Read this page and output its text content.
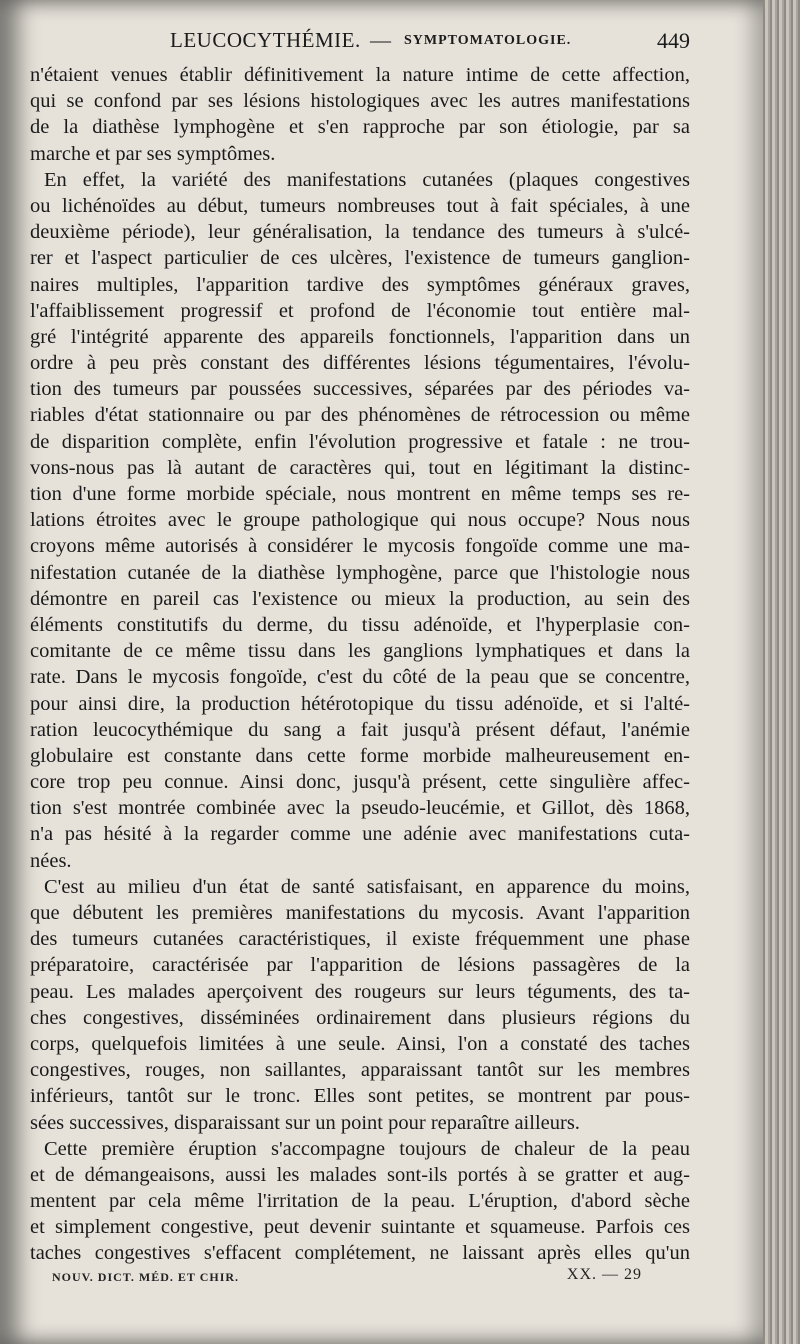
LEUCOCYTHÉMIE. — SYMPTOMATOLOGIE.	449
n'étaient venues établir définitivement la nature intime de cette affection,
qui se confond par ses lésions histologiques avec les autres manifestations
de la diathèse lymphogène et s'en rapproche par son étiologie, par sa
marche et par ses symptômes.
En effet, la variété des manifestations cutanées (plaques congestives
ou lichénoïdes au début, tumeurs nombreuses tout à fait spéciales, à une
deuxième période), leur généralisation, la tendance des tumeurs à s'ulcé-
rer et l'aspect particulier de ces ulcères, l'existence de tumeurs ganglion-
naires multiples, l'apparition tardive des symptômes généraux graves,
l'affaiblissement progressif et profond de l'économie tout entière mal-
gré l'intégrité apparente des appareils fonctionnels, l'apparition dans un
ordre à peu près constant des différentes lésions tégumentaires, l'évolu-
tion des tumeurs par poussées successives, séparées par des périodes va-
riables d'état stationnaire ou par des phénomènes de rétrocession ou même
de disparition complète, enfin l'évolution progressive et fatale : ne trou-
vons-nous pas là autant de caractères qui, tout en légitimant la distinc-
tion d'une forme morbide spéciale, nous montrent en même temps ses re-
lations étroites avec le groupe pathologique qui nous occupe? Nous nous
croyons même autorisés à considérer le mycosis fongoïde comme une ma-
nifestation cutanée de la diathèse lymphogène, parce que l'histologie nous
démontre en pareil cas l'existence ou mieux la production, au sein des
éléments constitutifs du derme, du tissu adénoïde, et l'hyperplasie con-
comitante de ce même tissu dans les ganglions lymphatiques et dans la
rate. Dans le mycosis fongoïde, c'est du côté de la peau que se concentre,
pour ainsi dire, la production hétérotopique du tissu adénoïde, et si l'alté-
ration leucocythémique du sang a fait jusqu'à présent défaut, l'anémie
globulaire est constante dans cette forme morbide malheureusement en-
core trop peu connue. Ainsi donc, jusqu'à présent, cette singulière affec-
tion s'est montrée combinée avec la pseudo-leucémie, et Gillot, dès 1868,
n'a pas hésité à la regarder comme une adénie avec manifestations cuta-
nées.
C'est au milieu d'un état de santé satisfaisant, en apparence du moins,
que débutent les premières manifestations du mycosis. Avant l'apparition
des tumeurs cutanées caractéristiques, il existe fréquemment une phase
préparatoire, caractérisée par l'apparition de lésions passagères de la
peau. Les malades aperçoivent des rougeurs sur leurs téguments, des ta-
ches congestives, disséminées ordinairement dans plusieurs régions du
corps, quelquefois limitées à une seule. Ainsi, l'on a constaté des taches
congestives, rouges, non saillantes, apparaissant tantôt sur les membres
inférieurs, tantôt sur le tronc. Elles sont petites, se montrent par pous-
sées successives, disparaissant sur un point pour reparaître ailleurs.
Cette première éruption s'accompagne toujours de chaleur de la peau
et de démangeaisons, aussi les malades sont-ils portés à se gratter et aug-
mentent par cela même l'irritation de la peau. L'éruption, d'abord sèche
et simplement congestive, peut devenir suintante et squameuse. Parfois ces
taches congestives s'effacent complétement, ne laissant après elles qu'un
NOUV. DICT. MÉD. ET CHIR.	XX. — 29
